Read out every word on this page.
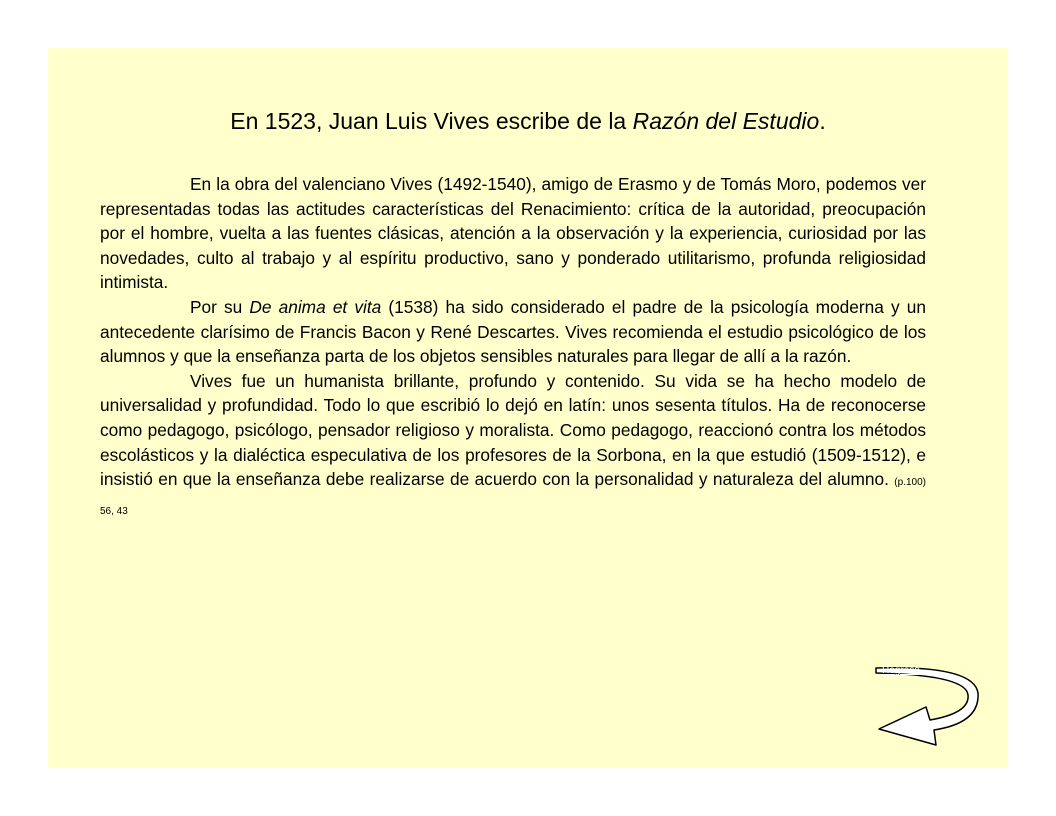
En 1523, Juan Luis Vives escribe de la Razón del Estudio.

En la obra del valenciano Vives (1492-1540), amigo de Erasmo y de Tomás Moro, podemos ver representadas todas las actitudes características del Renacimiento: crítica de la autoridad, preocupación por el hombre, vuelta a las fuentes clásicas, atención a la observación y la experiencia, curiosidad por las novedades, culto al trabajo y al espíritu productivo, sano y ponderado utilitarismo, profunda religiosidad intimista.

Por su De anima et vita (1538) ha sido considerado el padre de la psicología moderna y un antecedente clarísimo de Francis Bacon y René Descartes. Vives recomienda el estudio psicológico de los alumnos y que la enseñanza parta de los objetos sensibles naturales para llegar de allí a la razón.

Vives fue un humanista brillante, profundo y contenido. Su vida se ha hecho modelo de universalidad y profundidad. Todo lo que escribió lo dejó en latín: unos sesenta títulos. Ha de reconocerse como pedagogo, psicólogo, pensador religioso y moralista. Como pedagogo, reaccionó contra los métodos escolásticos y la dialéctica especulativa de los profesores de la Sorbona, en la que estudió (1509-1512), e insistió en que la enseñanza debe realizarse de acuerdo con la personalidad y naturaleza del alumno. (p.100) 56, 43

Regreso
